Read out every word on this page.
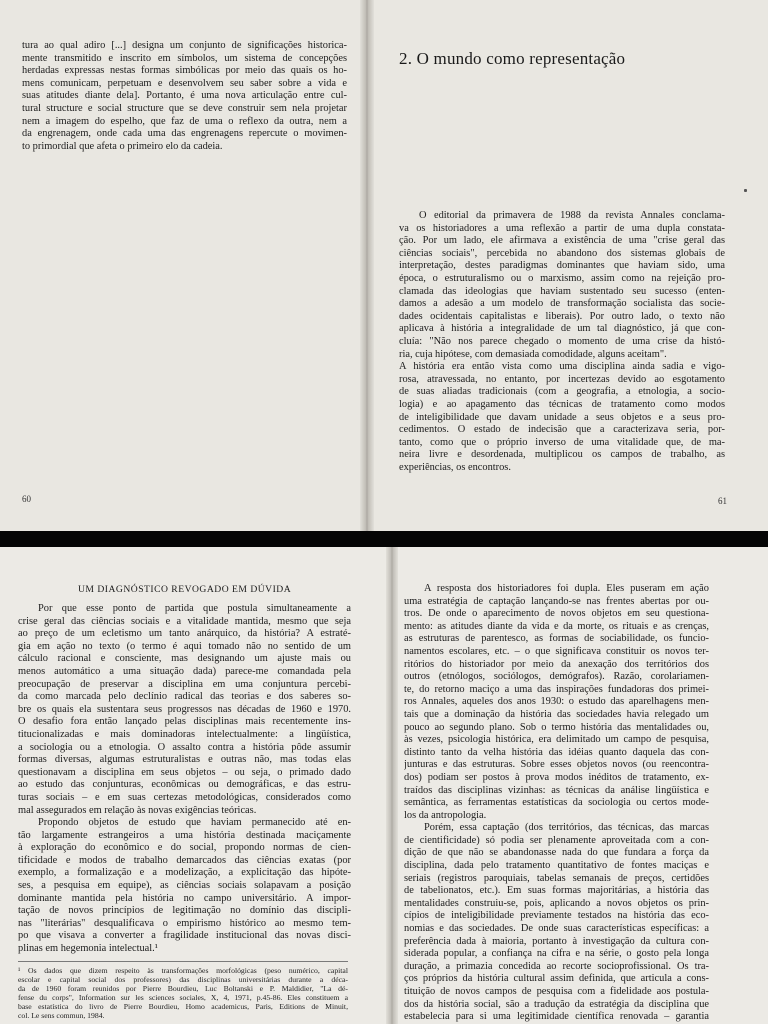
tura ao qual adiro [...] designa um conjunto de significações historica-
mente transmitido e inscrito em símbolos, um sistema de concepções
herdadas expressas nestas formas simbólicas por meio das quais os ho-
mens comunicam, perpetuam e desenvolvem seu saber sobre a vida e
suas atitudes diante dela]. Portanto, é uma nova articulação entre cul-
tural structure e social structure que se deve construir sem nela projetar
nem a imagem do espelho, que faz de uma o reflexo da outra, nem a
da engrenagem, onde cada uma das engrenagens repercute o movimen-
to primordial que afeta o primeiro elo da cadeia.
60
2. O mundo como representação
O editorial da primavera de 1988 da revista Annales conclama-
va os historiadores a uma reflexão a partir de uma dupla constata-
ção. Por um lado, ele afirmava a existência de uma "crise geral das
ciências sociais", percebida no abandono dos sistemas globais de
interpretação, destes paradigmas dominantes que haviam sido, uma
época, o estruturalismo ou o marxismo, assim como na rejeição pro-
clamada das ideologias que haviam sustentado seu sucesso (enten-
damos a adesão a um modelo de transformação socialista das socie-
dades ocidentais capitalistas e liberais). Por outro lado, o texto não
aplicava à história a integralidade de um tal diagnóstico, já que con-
cluía: "Não nos parece chegado o momento de uma crise da histó-
ria, cuja hipótese, com demasiada comodidade, alguns aceitam".
A história era então vista como uma disciplina ainda sadia e vigo-
rosa, atravessada, no entanto, por incertezas devido ao esgotamento
de suas aliadas tradicionais (com a geografia, a etnologia, a socio-
logia) e ao apagamento das técnicas de tratamento como modos
de inteligibilidade que davam unidade a seus objetos e a seus pro-
cedimentos. O estado de indecisão que a caracterizava seria, por-
tanto, como que o próprio inverso de uma vitalidade que, de ma-
neira livre e desordenada, multiplicou os campos de trabalho, as
experiências, os encontros.
61
UM DIAGNÓSTICO REVOGADO EM DÚVIDA
Por que esse ponto de partida que postula simultaneamente a
crise geral das ciências sociais e a vitalidade mantida, mesmo que seja
ao preço de um ecletismo um tanto anárquico, da história? A estraté-
gia em ação no texto (o termo é aqui tomado não no sentido de um
cálculo racional e consciente, mas designando um ajuste mais ou
menos automático a uma situação dada) parece-me comandada pela
preocupação de preservar a disciplina em uma conjuntura percebi-
da como marcada pelo declínio radical das teorias e dos saberes so-
bre os quais ela sustentara seus progressos nas décadas de 1960 e 1970.
O desafio fora então lançado pelas disciplinas mais recentemente ins-
titucionalizadas e mais dominadoras intelectualmente: a lingüística,
a sociologia ou a etnologia. O assalto contra a história pôde assumir
formas diversas, algumas estruturalistas e outras não, mas todas elas
questionavam a disciplina em seus objetos – ou seja, o primado dado
ao estudo das conjunturas, econômicas ou demográficas, e das estru-
turas sociais – e em suas certezas metodológicas, considerados como
mal assegurados em relação às novas exigências teóricas.
Propondo objetos de estudo que haviam permanecido até en-
tão largamente estrangeiros a uma história destinada maciçamente
à exploração do econômico e do social, propondo normas de cien-
tificidade e modos de trabalho demarcados das ciências exatas (por
exemplo, a formalização e a modelização, a explicitação das hipóte-
ses, a pesquisa em equipe), as ciências sociais solapavam a posição
dominante mantida pela história no campo universitário. A impor-
tação de novos princípios de legitimação no domínio das discipli-
nas "literárias" desqualificava o empirismo histórico ao mesmo tem-
po que visava a converter a fragilidade institucional das novas disci-
plinas em hegemonia intelectual.¹
¹ Os dados que dizem respeito às transformações morfológicas (peso numérico, capital
escolar e capital social dos professores) das disciplinas universitárias durante a déca-
da de 1960 foram reunidos por Pierre Bourdieu, Luc Boltanski e P. Maldidier, "La dé-
fense du corps", Information sur les sciences sociales, X, 4, 1971, p.45-86. Eles constituem a
base estatística do livro de Pierre Bourdieu, Homo academicus, Paris, Editions de Minuit,
col. Le sens commun, 1984.
A resposta dos historiadores foi dupla. Eles puseram em ação
uma estratégia de captação lançando-se nas frentes abertas por ou-
tros. De onde o aparecimento de novos objetos em seu questiona-
mento: as atitudes diante da vida e da morte, os rituais e as crenças,
as estruturas de parentesco, as formas de sociabilidade, os funcio-
namentos escolares, etc. – o que significava constituir os novos ter-
ritórios do historiador por meio da anexação dos territórios dos
outros (etnólogos, sociólogos, demógrafos). Razão, corolariamen-
te, do retorno maciço a uma das inspirações fundadoras dos primei-
ros Annales, aqueles dos anos 1930: o estudo das aparelhagens men-
tais que a dominação da história das sociedades havia relegado um
pouco ao segundo plano. Sob o termo história das mentalidades ou,
às vezes, psicologia histórica, era delimitado um campo de pesquisa,
distinto tanto da velha história das idéias quanto daquela das con-
junturas e das estruturas. Sobre esses objetos novos (ou reencontra-
dos) podiam ser postos à prova modos inéditos de tratamento, ex-
traídos das disciplinas vizinhas: as técnicas da análise lingüística e
semântica, as ferramentas estatísticas da sociologia ou certos mode-
los da antropologia.
Porém, essa captação (dos territórios, das técnicas, das marcas
de cientificidade) só podia ser plenamente aproveitada com a con-
dição de que não se abandonasse nada do que fundara a força da
disciplina, dada pelo tratamento quantitativo de fontes maciças e
seriais (registros paroquiais, tabelas semanais de preços, certidões
de tabelionatos, etc.). Em suas formas majoritárias, a história das
mentalidades construiu-se, pois, aplicando a novos objetos os prin-
cípios de inteligibilidade previamente testados na história das eco-
nomias e das sociedades. De onde suas características específicas: a
preferência dada à maioria, portanto à investigação da cultura con-
siderada popular, a confiança na cifra e na série, o gosto pela longa
duração, a primazia concedida ao recorte socioprofissional. Os tra-
ços próprios da história cultural assim definida, que articula a cons-
tituição de novos campos de pesquisa com a fidelidade aos postula-
dos da história social, são a tradução da estratégia da disciplina que
estabelecia para si uma legitimidade científica renovada – garantia
